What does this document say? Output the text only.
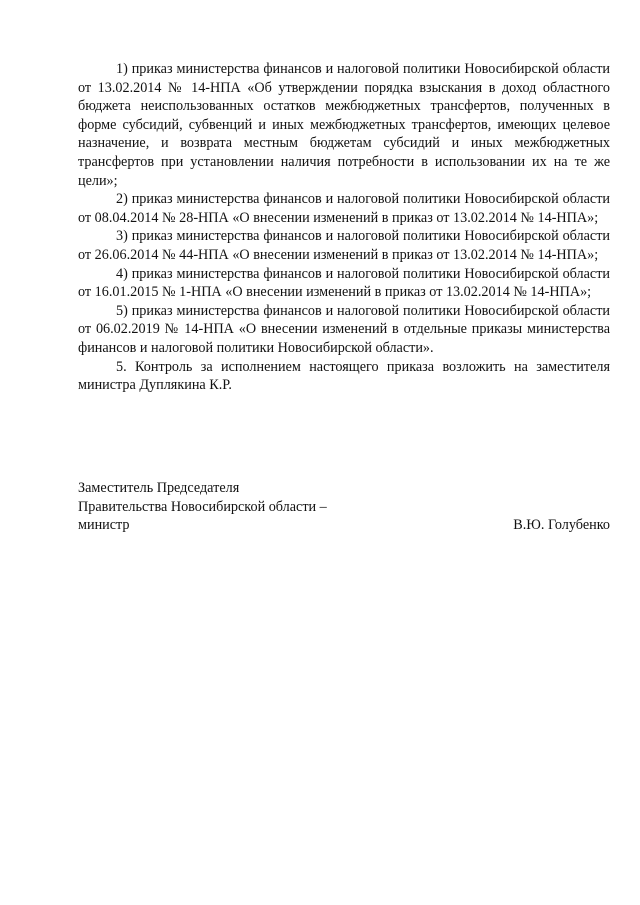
1) приказ министерства финансов и налоговой политики Новосибирской области от 13.02.2014 № 14-НПА «Об утверждении порядка взыскания в доход областного бюджета неиспользованных остатков межбюджетных трансфертов, полученных в форме субсидий, субвенций и иных межбюджетных трансфертов, имеющих целевое назначение, и возврата местным бюджетам субсидий и иных межбюджетных трансфертов при установлении наличия потребности в использовании их на те же цели»;

2) приказ министерства финансов и налоговой политики Новосибирской области от 08.04.2014 № 28-НПА «О внесении изменений в приказ от 13.02.2014 № 14-НПА»;

3) приказ министерства финансов и налоговой политики Новосибирской области от 26.06.2014 № 44-НПА «О внесении изменений в приказ от 13.02.2014 № 14-НПА»;

4) приказ министерства финансов и налоговой политики Новосибирской области от 16.01.2015 № 1-НПА «О внесении изменений в приказ от 13.02.2014 № 14-НПА»;

5) приказ министерства финансов и налоговой политики Новосибирской области от 06.02.2019 № 14-НПА «О внесении изменений в отдельные приказы министерства финансов и налоговой политики Новосибирской области».

5. Контроль за исполнением настоящего приказа возложить на заместителя министра Дуплякина К.Р.

Заместитель Председателя

Правительства Новосибирской области –

министр	В.Ю. Голубенко
